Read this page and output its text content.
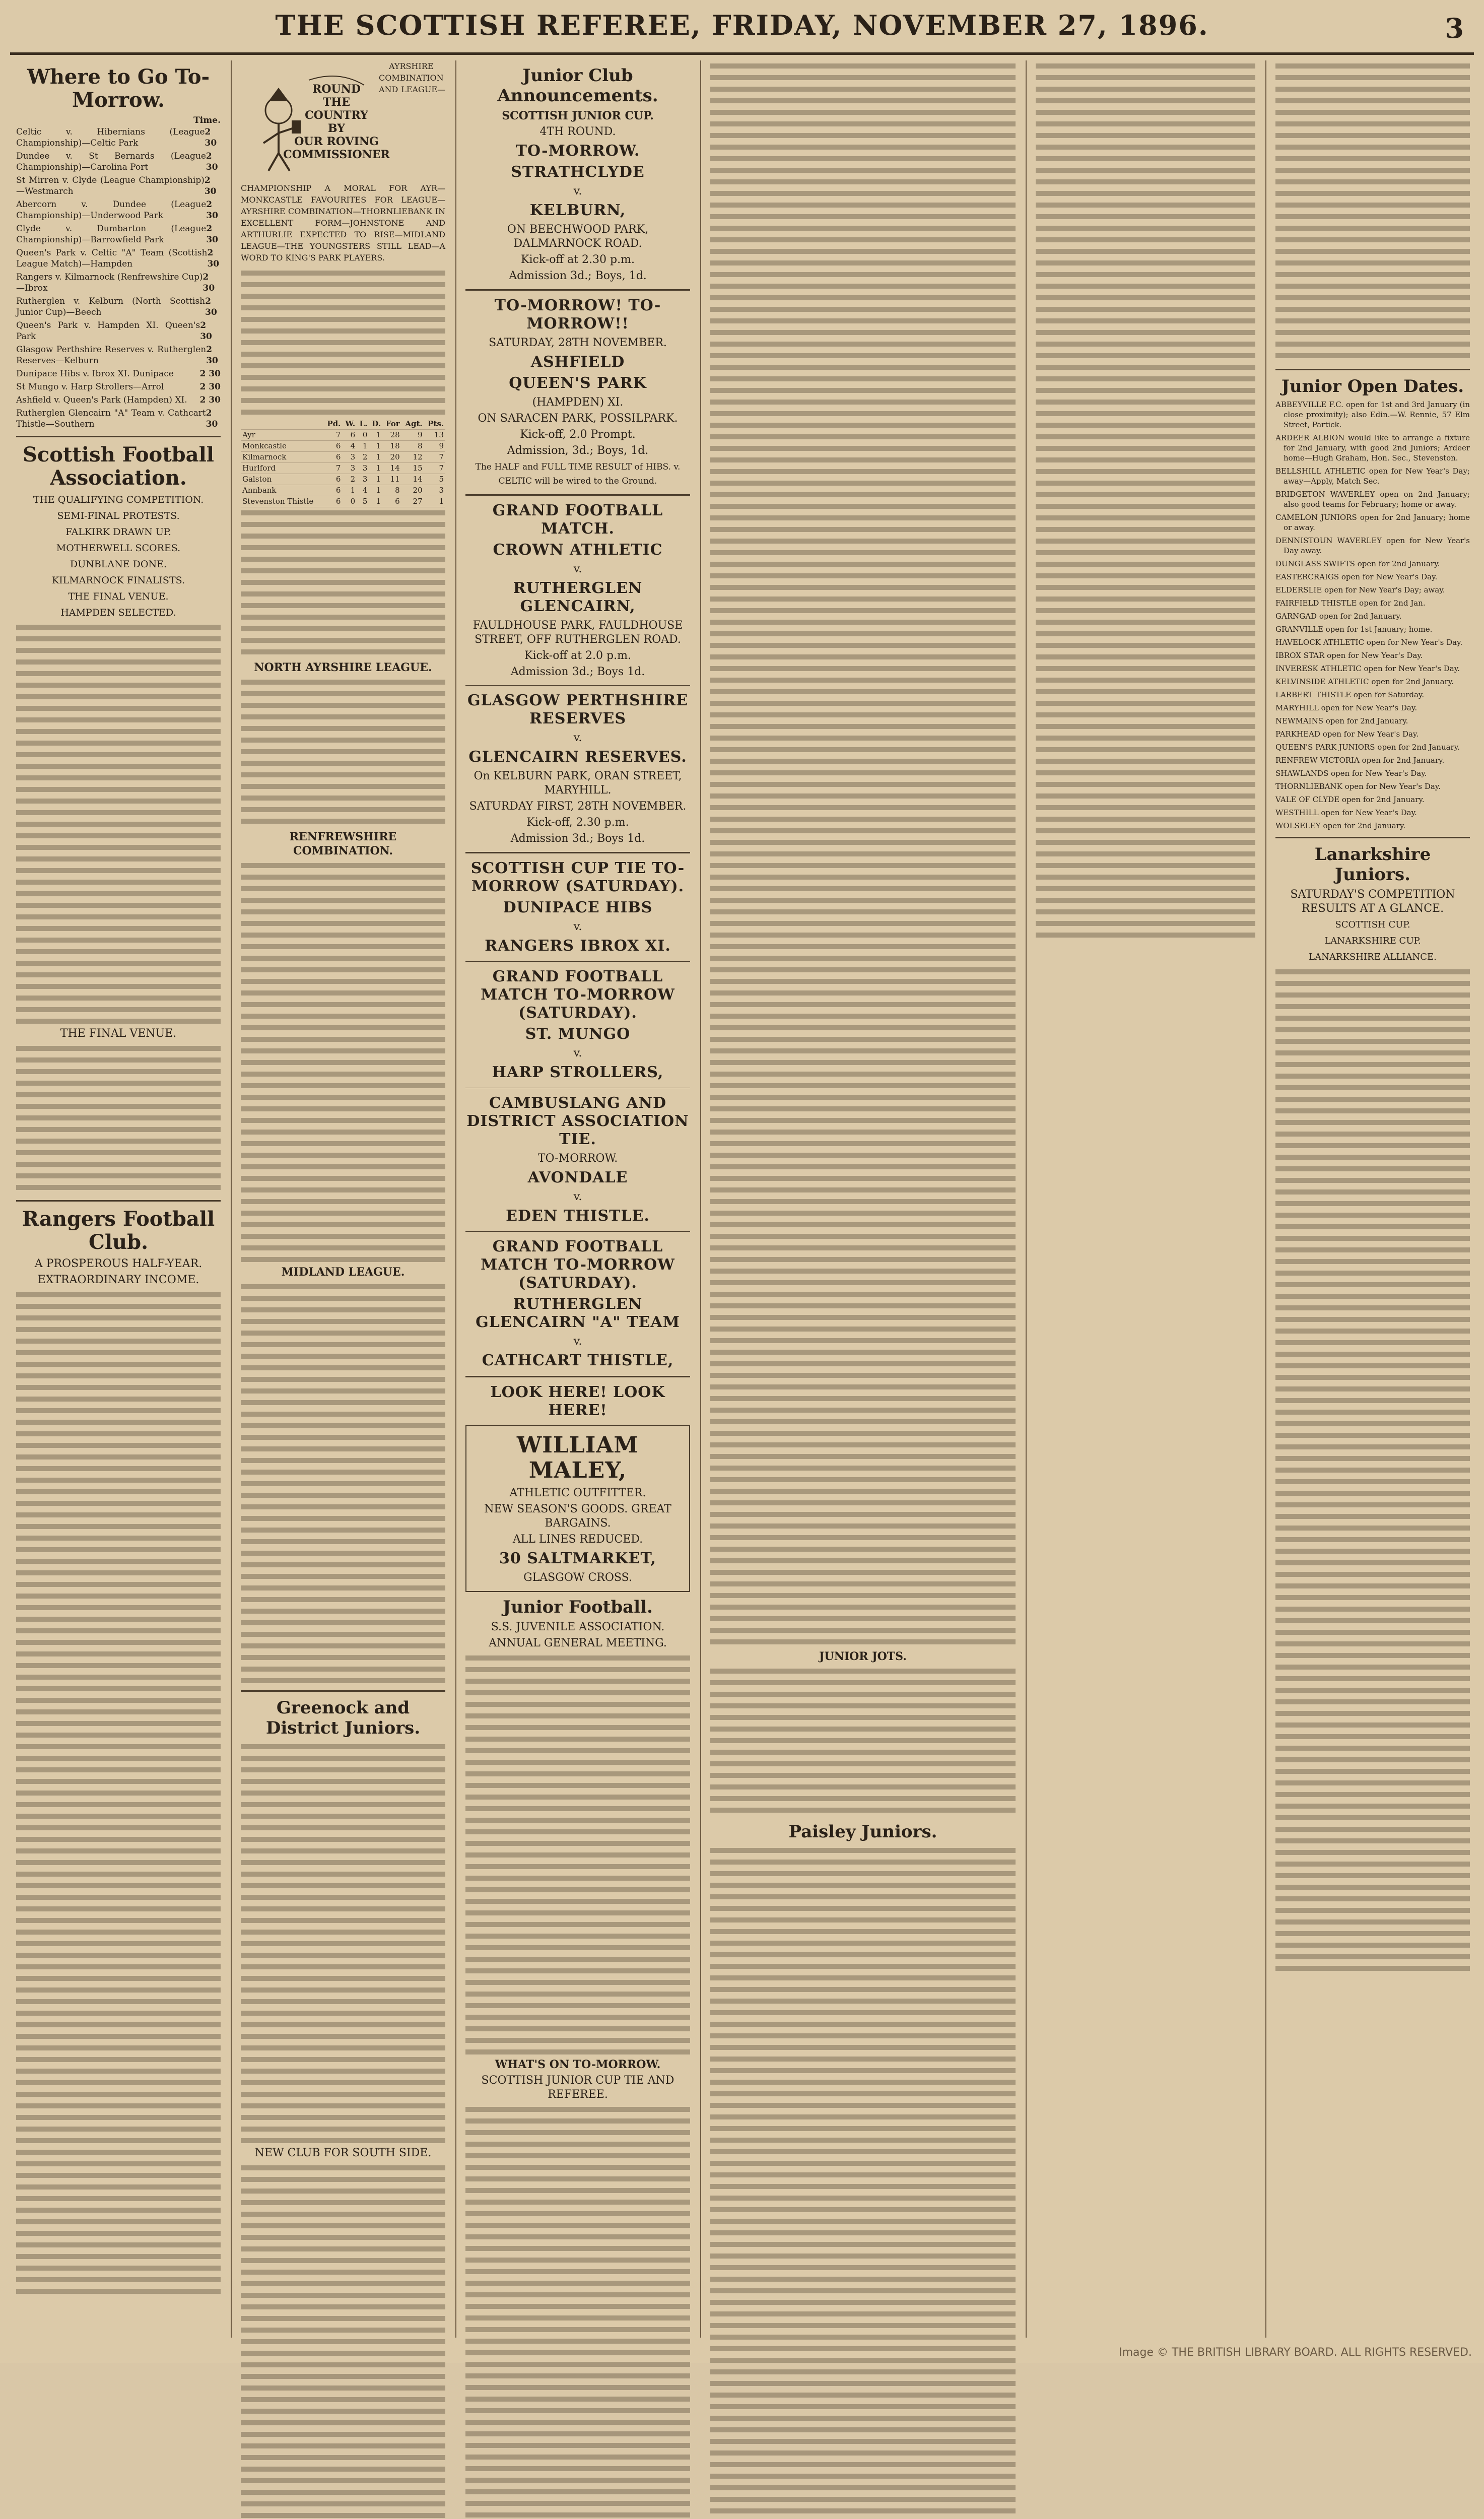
THE SCOTTISH REFEREE, FRIDAY, NOVEMBER 27, 1896.	3
Where to Go To-Morrow.
Time.
Celtic v. Hibernians (League Championship)—Celtic Park
2 30
Dundee v. St Bernards (League Championship)—Carolina Port
2 30
St Mirren v. Clyde (League Championship)—Westmarch
2 30
Abercorn v. Dundee (League Championship)—Underwood Park
2 30
Clyde v. Dumbarton (League Championship)—Barrowfield Park
2 30
Queen's Park v. Celtic "A" Team (Scottish League Match)—Hampden
2 30
Rangers v. Kilmarnock (Renfrewshire Cup)—Ibrox
2 30
Rutherglen v. Kelburn (North Scottish Junior Cup)—Beech
2 30
Queen's Park v. Hampden XI. Queen's Park
2 30
Glasgow Perthshire Reserves v. Rutherglen Reserves—Kelburn
2 30
Dunipace Hibs v. Ibrox XI. Dunipace	2 30
St Mungo v. Harp Strollers—Arrol	2 30
Ashfield v. Queen's Park (Hampden) XI. 2 30
Rutherglen Glencairn "A" Team v. Cathcart Thistle—Southern
2 30
Scottish Football Association.
THE QUALIFYING COMPETITION.
SEMI-FINAL PROTESTS.
FALKIRK DRAWN UP.
MOTHERWELL SCORES.
DUNBLANE DONE.
KILMARNOCK FINALISTS.
THE FINAL VENUE.
HAMPDEN SELECTED.
THE FINAL VENUE.
Rangers Football Club.
A PROSPEROUS HALF-YEAR.
EXTRAORDINARY INCOME.
ROUND THE COUNTRY BY OUR ROVING COMMISSIONER

AYRSHIRE COMBINATION AND LEAGUE—CHAMPIONSHIP A MORAL FOR AYR—MONKCASTLE FAVOURITES FOR LEAGUE—AYRSHIRE COMBINATION—THORNLIEBANK IN EXCELLENT FORM—JOHNSTONE AND ARTHURLIE EXPECTED TO RISE—MIDLAND LEAGUE—THE YOUNGSTERS STILL LEAD—A WORD TO KING'S PARK PLAYERS.

	Pd.	W.	L.	D.	For	Agt.	Pts.
Ayr	7	6	0	1	28	9	13
Monkcastle	6	4	1	1	18	8	9
Kilmarnock	6	3	2	1	20	12	7
Hurlford	7	3	3	1	14	15	7
Galston	6	2	3	1	11	14	5
Annbank	6	1	4	1	8	20	3
Stevenston Thistle	6	0	5	1	6	27	1
NORTH AYRSHIRE LEAGUE.
RENFREWSHIRE COMBINATION.
MIDLAND LEAGUE.
Greenock and District Juniors.
NEW CLUB FOR SOUTH SIDE.
Junior Club Announcements.
SCOTTISH JUNIOR CUP.
4TH ROUND.
TO-MORROW.
STRATHCLYDE
v.
KELBURN,
ON BEECHWOOD PARK, DALMARNOCK ROAD.
Kick-off at 2.30 p.m.
Admission 3d.; Boys, 1d.
TO-MORROW! TO-MORROW!!
SATURDAY, 28TH NOVEMBER.
ASHFIELD
QUEEN'S PARK
(HAMPDEN) XI.
ON SARACEN PARK, POSSILPARK.
Kick-off, 2.0 Prompt.
Admission, 3d.; Boys, 1d.
The HALF and FULL TIME RESULT of HIBS. v. CELTIC will be wired to the Ground.
GRAND FOOTBALL MATCH.
CROWN ATHLETIC
v.
RUTHERGLEN GLENCAIRN,
FAULDHOUSE PARK, FAULDHOUSE STREET, OFF RUTHERGLEN ROAD.
Kick-off at 2.0 p.m.
Admission 3d.; Boys 1d.
GLASGOW PERTHSHIRE RESERVES
v.
GLENCAIRN RESERVES.
On KELBURN PARK, ORAN STREET, MARYHILL.
SATURDAY FIRST, 28TH NOVEMBER.
Kick-off, 2.30 p.m.
Admission 3d.; Boys 1d.
SCOTTISH CUP TIE TO-MORROW (SATURDAY).
DUNIPACE HIBS
v.
RANGERS IBROX XI.
GRAND FOOTBALL MATCH TO-MORROW (SATURDAY).
ST. MUNGO
v.
HARP STROLLERS,
CAMBUSLANG AND DISTRICT ASSOCIATION TIE.
TO-MORROW.
AVONDALE
v.
EDEN THISTLE.
GRAND FOOTBALL MATCH TO-MORROW (SATURDAY).
RUTHERGLEN GLENCAIRN "A" TEAM
v.
CATHCART THISTLE,
LOOK HERE! LOOK HERE!
WILLIAM MALEY,
ATHLETIC OUTFITTER.
NEW SEASON'S GOODS. GREAT BARGAINS.
ALL LINES REDUCED.
30 SALTMARKET,
GLASGOW CROSS.
Junior Football.
S.S. JUVENILE ASSOCIATION.
ANNUAL GENERAL MEETING.
WHAT'S ON TO-MORROW.
SCOTTISH JUNIOR CUP TIE AND REFEREE.
JUNIOR JOTS.
Paisley Juniors.
Junior Open Dates.

ABBEYVILLE F.C. open for 1st and 3rd January (in close proximity); also Edin.—W. Rennie, 57 Elm Street, Partick.

ARDEER ALBION would like to arrange a fixture for 2nd January, with good 2nd Juniors; Ardeer home—Hugh Graham, Hon. Sec., Stevenston.

BELLSHILL ATHLETIC open for New Year's Day; away—Apply, Match Sec.

BRIDGETON WAVERLEY open on 2nd January; also good teams for February; home or away.

CAMELON JUNIORS open for 2nd January; home or away.

DENNISTOUN WAVERLEY open for New Year's Day away.

DUNGLASS SWIFTS open for 2nd January.

EASTERCRAIGS open for New Year's Day.

ELDERSLIE open for New Year's Day; away.

FAIRFIELD THISTLE open for 2nd Jan.

GARNGAD open for 2nd January.

GRANVILLE open for 1st January; home.

HAVELOCK ATHLETIC open for New Year's Day.

IBROX STAR open for New Year's Day.

INVERESK ATHLETIC open for New Year's Day.

KELVINSIDE ATHLETIC open for 2nd January.

LARBERT THISTLE open for Saturday.

MARYHILL open for New Year's Day.

NEWMAINS open for 2nd January.

PARKHEAD open for New Year's Day.

QUEEN'S PARK JUNIORS open for 2nd January.

RENFREW VICTORIA open for 2nd January.

SHAWLANDS open for New Year's Day.

THORNLIEBANK open for New Year's Day.

VALE OF CLYDE open for 2nd January.

WESTHILL open for New Year's Day.

WOLSELEY open for 2nd January.

Lanarkshire Juniors.
SATURDAY'S COMPETITION RESULTS AT A GLANCE.
SCOTTISH CUP.
LANARKSHIRE CUP.
LANARKSHIRE ALLIANCE.
Image © THE BRITISH LIBRARY BOARD. ALL RIGHTS RESERVED.
